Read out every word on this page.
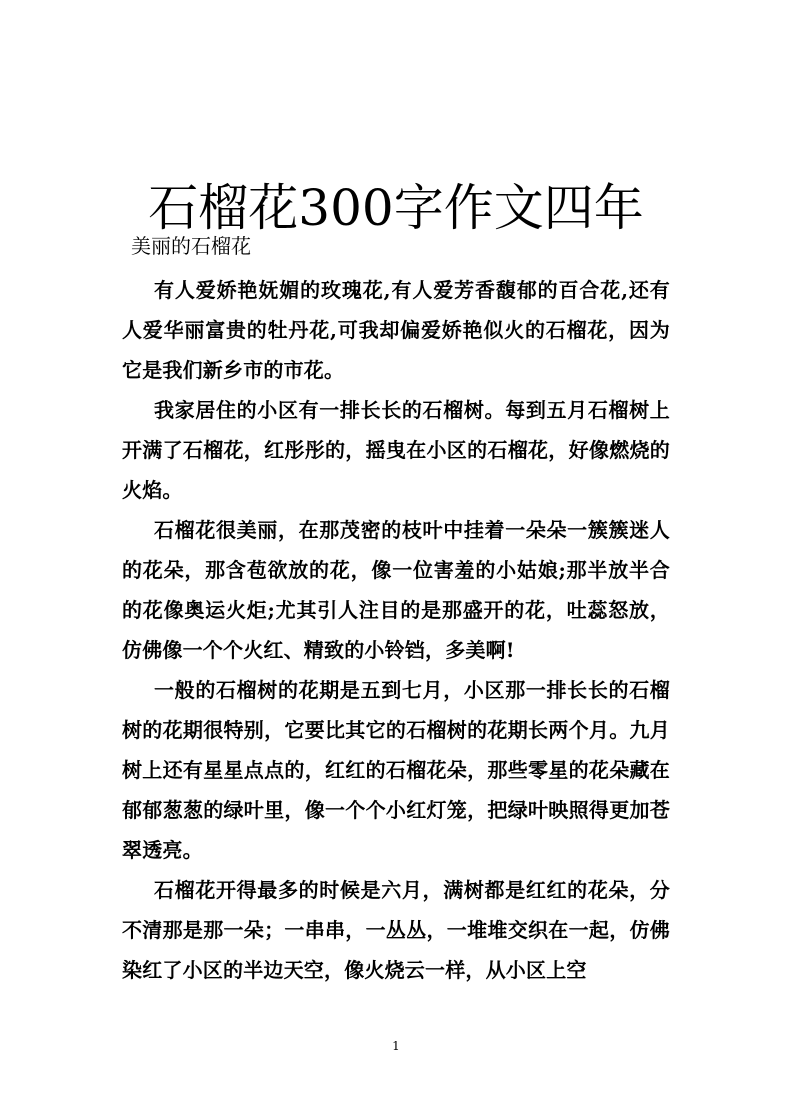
石榴花300字作文四年
美丽的石榴花

有人爱娇艳妩媚的玫瑰花,有人爱芳香馥郁的百合花,还有人爱华丽富贵的牡丹花,可我却偏爱娇艳似火的石榴花，因为它是我们新乡市的市花。

我家居住的小区有一排长长的石榴树。每到五月石榴树上开满了石榴花，红彤彤的，摇曳在小区的石榴花，好像燃烧的火焰。

石榴花很美丽，在那茂密的枝叶中挂着一朵朵一簇簇迷人的花朵，那含苞欲放的花，像一位害羞的小姑娘;那半放半合的花像奥运火炬;尤其引人注目的是那盛开的花，吐蕊怒放，仿佛像一个个火红、精致的小铃铛，多美啊!

一般的石榴树的花期是五到七月，小区那一排长长的石榴树的花期很特别，它要比其它的石榴树的花期长两个月。九月树上还有星星点点的，红红的石榴花朵，那些零星的花朵藏在郁郁葱葱的绿叶里，像一个个小红灯笼，把绿叶映照得更加苍翠透亮。

石榴花开得最多的时候是六月，满树都是红红的花朵，分不清那是那一朵；一串串，一丛丛，一堆堆交织在一起，仿佛染红了小区的半边天空，像火烧云一样，从小区上空

1
